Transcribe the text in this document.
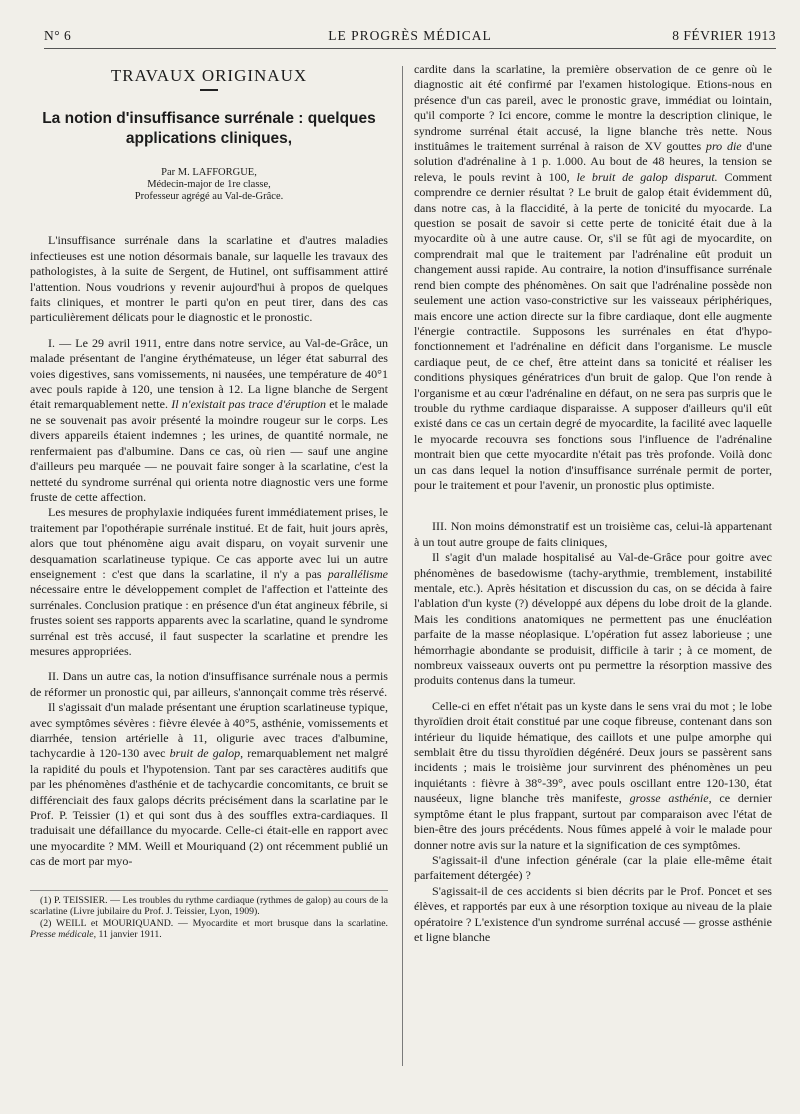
N° 6	LE PROGRÈS MÉDICAL	8 FÉVRIER 1913
TRAVAUX ORIGINAUX
La notion d'insuffisance surrénale : quelques applications cliniques,
Par M. LAFFORGUE,
Médecin-major de 1re classe,
Professeur agrégé au Val-de-Grâce.

L'insuffisance surrénale dans la scarlatine et d'autres maladies infectieuses est une notion désormais banale, sur laquelle les travaux des pathologistes, à la suite de Sergent, de Hutinel, ont suffisamment attiré l'attention. Nous voudrions y revenir aujourd'hui à propos de quelques faits cliniques, et montrer le parti qu'on en peut tirer, dans des cas particulièrement délicats pour le diagnostic et le pronostic.

I. — Le 29 avril 1911, entre dans notre service, au Val-de-Grâce, un malade présentant de l'angine érythémateuse, un léger état saburral des voies digestives, sans vomissements, ni nausées, une température de 40°1 avec pouls rapide à 120, une tension à 12. La ligne blanche de Sergent était remarquablement nette. Il n'existait pas trace d'éruption et le malade ne se souvenait pas avoir présenté la moindre rougeur sur le corps. Les divers appareils étaient indemnes ; les urines, de quantité normale, ne renfermaient pas d'albumine. Dans ce cas, où rien — sauf une angine d'ailleurs peu marquée — ne pouvait faire songer à la scarlatine, c'est la netteté du syndrome surrénal qui orienta notre diagnostic vers une forme fruste de cette affection.

Les mesures de prophylaxie indiquées furent immédiatement prises, le traitement par l'opothérapie surrénale institué. Et de fait, huit jours après, alors que tout phénomène aigu avait disparu, on voyait survenir une desquamation scarlatineuse typique. Ce cas apporte avec lui un autre enseignement : c'est que dans la scarlatine, il n'y a pas parallélisme nécessaire entre le développement complet de l'affection et l'atteinte des surrénales. Conclusion pratique : en présence d'un état angineux fébrile, si frustes soient ses rapports apparents avec la scarlatine, quand le syndrome surrénal est très accusé, il faut suspecter la scarlatine et prendre les mesures appropriées.

II. Dans un autre cas, la notion d'insuffisance surrénale nous a permis de réformer un pronostic qui, par ailleurs, s'annonçait comme très réservé.

Il s'agissait d'un malade présentant une éruption scarlatineuse typique, avec symptômes sévères : fièvre élevée à 40°5, asthénie, vomissements et diarrhée, tension artérielle à 11, oligurie avec traces d'albumine, tachycardie à 120-130 avec bruit de galop, remarquablement net malgré la rapidité du pouls et l'hypotension. Tant par ses caractères auditifs que par les phénomènes d'asthénie et de tachycardie concomitants, ce bruit se différenciait des faux galops décrits précisément dans la scarlatine par le Prof. P. Teissier (1) et qui sont dus à des souffles extra-cardiaques. Il traduisait une défaillance du myocarde. Celle-ci était-elle en rapport avec une myocardite ? MM. Weill et Mouriquand (2) ont récemment publié un cas de mort par myo-

(1) P. TEISSIER. — Les troubles du rythme cardiaque (rythmes de galop) au cours de la scarlatine (Livre jubilaire du Prof. J. Teissier, Lyon, 1909).

(2) WEILL et MOURIQUAND. — Myocardite et mort brusque dans la scarlatine. Presse médicale, 11 janvier 1911.

cardite dans la scarlatine, la première observation de ce genre où le diagnostic ait été confirmé par l'examen histologique. Etions-nous en présence d'un cas pareil, avec le pronostic grave, immédiat ou lointain, qu'il comporte ? Ici encore, comme le montre la description clinique, le syndrome surrénal était accusé, la ligne blanche très nette. Nous instituâmes le traitement surrénal à raison de XV gouttes pro die d'une solution d'adrénaline à 1 p. 1.000. Au bout de 48 heures, la tension se releva, le pouls revint à 100, le bruit de galop disparut. Comment comprendre ce dernier résultat ? Le bruit de galop était évidemment dû, dans notre cas, à la flaccidité, à la perte de tonicité du myocarde. La question se posait de savoir si cette perte de tonicité était due à la myocardite où à une autre cause. Or, s'il se fût agi de myocardite, on comprendrait mal que le traitement par l'adrénaline eût produit un changement aussi rapide. Au contraire, la notion d'insuffisance surrénale rend bien compte des phénomènes. On sait que l'adrénaline possède non seulement une action vaso-constrictive sur les vaisseaux périphériques, mais encore une action directe sur la fibre cardiaque, dont elle augmente l'énergie contractile. Supposons les surrénales en état d'hypo-fonctionnement et l'adrénaline en déficit dans l'organisme. Le muscle cardiaque peut, de ce chef, être atteint dans sa tonicité et réaliser les conditions physiques génératrices d'un bruit de galop. Que l'on rende à l'organisme et au cœur l'adrénaline en défaut, on ne sera pas surpris que le trouble du rythme cardiaque disparaisse. A supposer d'ailleurs qu'il eût existé dans ce cas un certain degré de myocardite, la facilité avec laquelle le myocarde recouvra ses fonctions sous l'influence de l'adrénaline montrait bien que cette myocardite n'était pas très profonde. Voilà donc un cas dans lequel la notion d'insuffisance surrénale permit de porter, pour le traitement et pour l'avenir, un pronostic plus optimiste.

III. Non moins démonstratif est un troisième cas, celui-là appartenant à un tout autre groupe de faits cliniques,

Il s'agit d'un malade hospitalisé au Val-de-Grâce pour goitre avec phénomènes de basedowisme (tachy-arythmie, tremblement, instabilité mentale, etc.). Après hésitation et discussion du cas, on se décida à faire l'ablation d'un kyste (?) développé aux dépens du lobe droit de la glande. Mais les conditions anatomiques ne permettent pas une énucléation parfaite de la masse néoplasique. L'opération fut assez laborieuse ; une hémorrhagie abondante se produisit, difficile à tarir ; à ce moment, de nombreux vaisseaux ouverts ont pu permettre la résorption massive des produits contenus dans la tumeur.

Celle-ci en effet n'était pas un kyste dans le sens vrai du mot ; le lobe thyroïdien droit était constitué par une coque fibreuse, contenant dans son intérieur du liquide hématique, des caillots et une pulpe amorphe qui semblait être du tissu thyroïdien dégénéré. Deux jours se passèrent sans incidents ; mais le troisième jour survinrent des phénomènes un peu inquiétants : fièvre à 38°-39°, avec pouls oscillant entre 120-130, état nauséeux, ligne blanche très manifeste, grosse asthénie, ce dernier symptôme étant le plus frappant, surtout par comparaison avec l'état de bien-être des jours précédents. Nous fûmes appelé à voir le malade pour donner notre avis sur la nature et la signification de ces symptômes.

S'agissait-il d'une infection générale (car la plaie elle-même était parfaitement détergée) ?

S'agissait-il de ces accidents si bien décrits par le Prof. Poncet et ses élèves, et rapportés par eux à une résorption toxique au niveau de la plaie opératoire ? L'existence d'un syndrome surrénal accusé — grosse asthénie et ligne blanche
